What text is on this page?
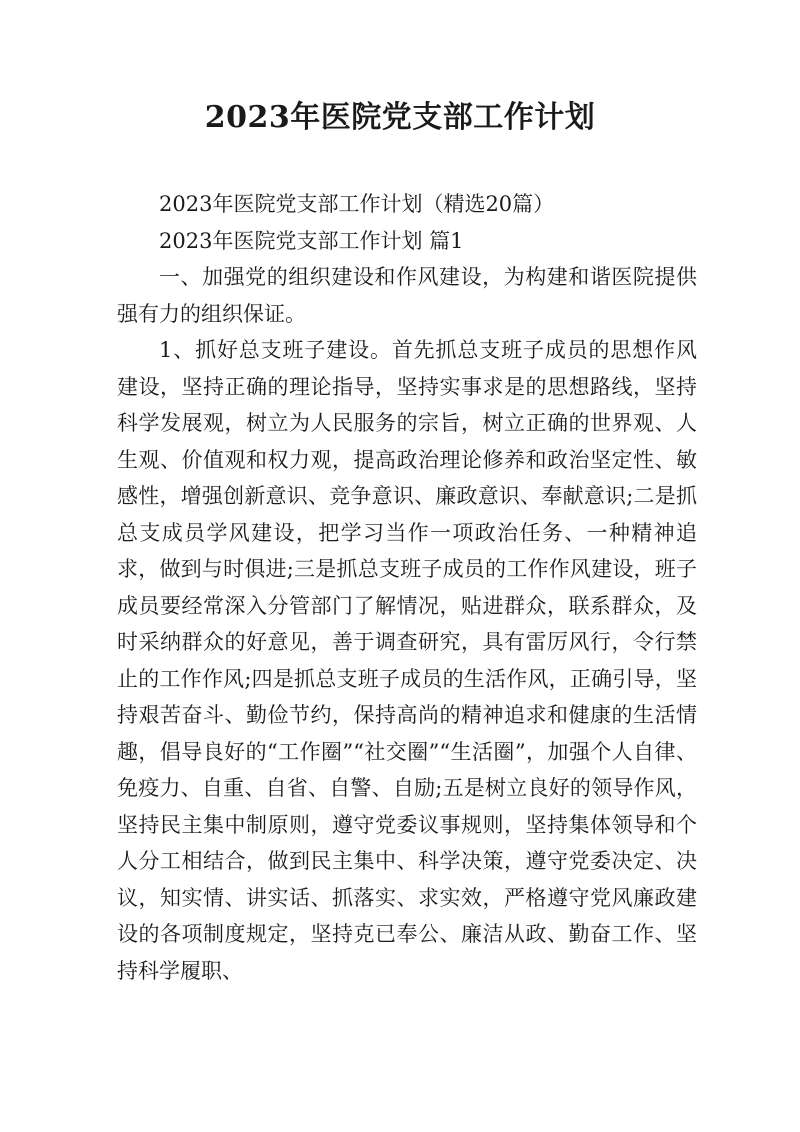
2023年医院党支部工作计划

2023年医院党支部工作计划（精选20篇）

2023年医院党支部工作计划 篇1

一、加强党的组织建设和作风建设，为构建和谐医院提供强有力的组织保证。

1、抓好总支班子建设。首先抓总支班子成员的思想作风建设，坚持正确的理论指导，坚持实事求是的思想路线，坚持科学发展观，树立为人民服务的宗旨，树立正确的世界观、人生观、价值观和权力观，提高政治理论修养和政治坚定性、敏感性，增强创新意识、竞争意识、廉政意识、奉献意识;二是抓总支成员学风建设，把学习当作一项政治任务、一种精神追求，做到与时俱进;三是抓总支班子成员的工作作风建设，班子成员要经常深入分管部门了解情况，贴进群众，联系群众，及时采纳群众的好意见，善于调查研究，具有雷厉风行，令行禁止的工作作风;四是抓总支班子成员的生活作风，正确引导，坚持艰苦奋斗、勤俭节约，保持高尚的精神追求和健康的生活情趣，倡导良好的“工作圈”“社交圈”“生活圈”，加强个人自律、免疫力、自重、自省、自警、自励;五是树立良好的领导作风，坚持民主集中制原则，遵守党委议事规则，坚持集体领导和个人分工相结合，做到民主集中、科学决策，遵守党委决定、决议，知实情、讲实话、抓落实、求实效，严格遵守党风廉政建设的各项制度规定，坚持克已奉公、廉洁从政、勤奋工作、坚持科学履职、
